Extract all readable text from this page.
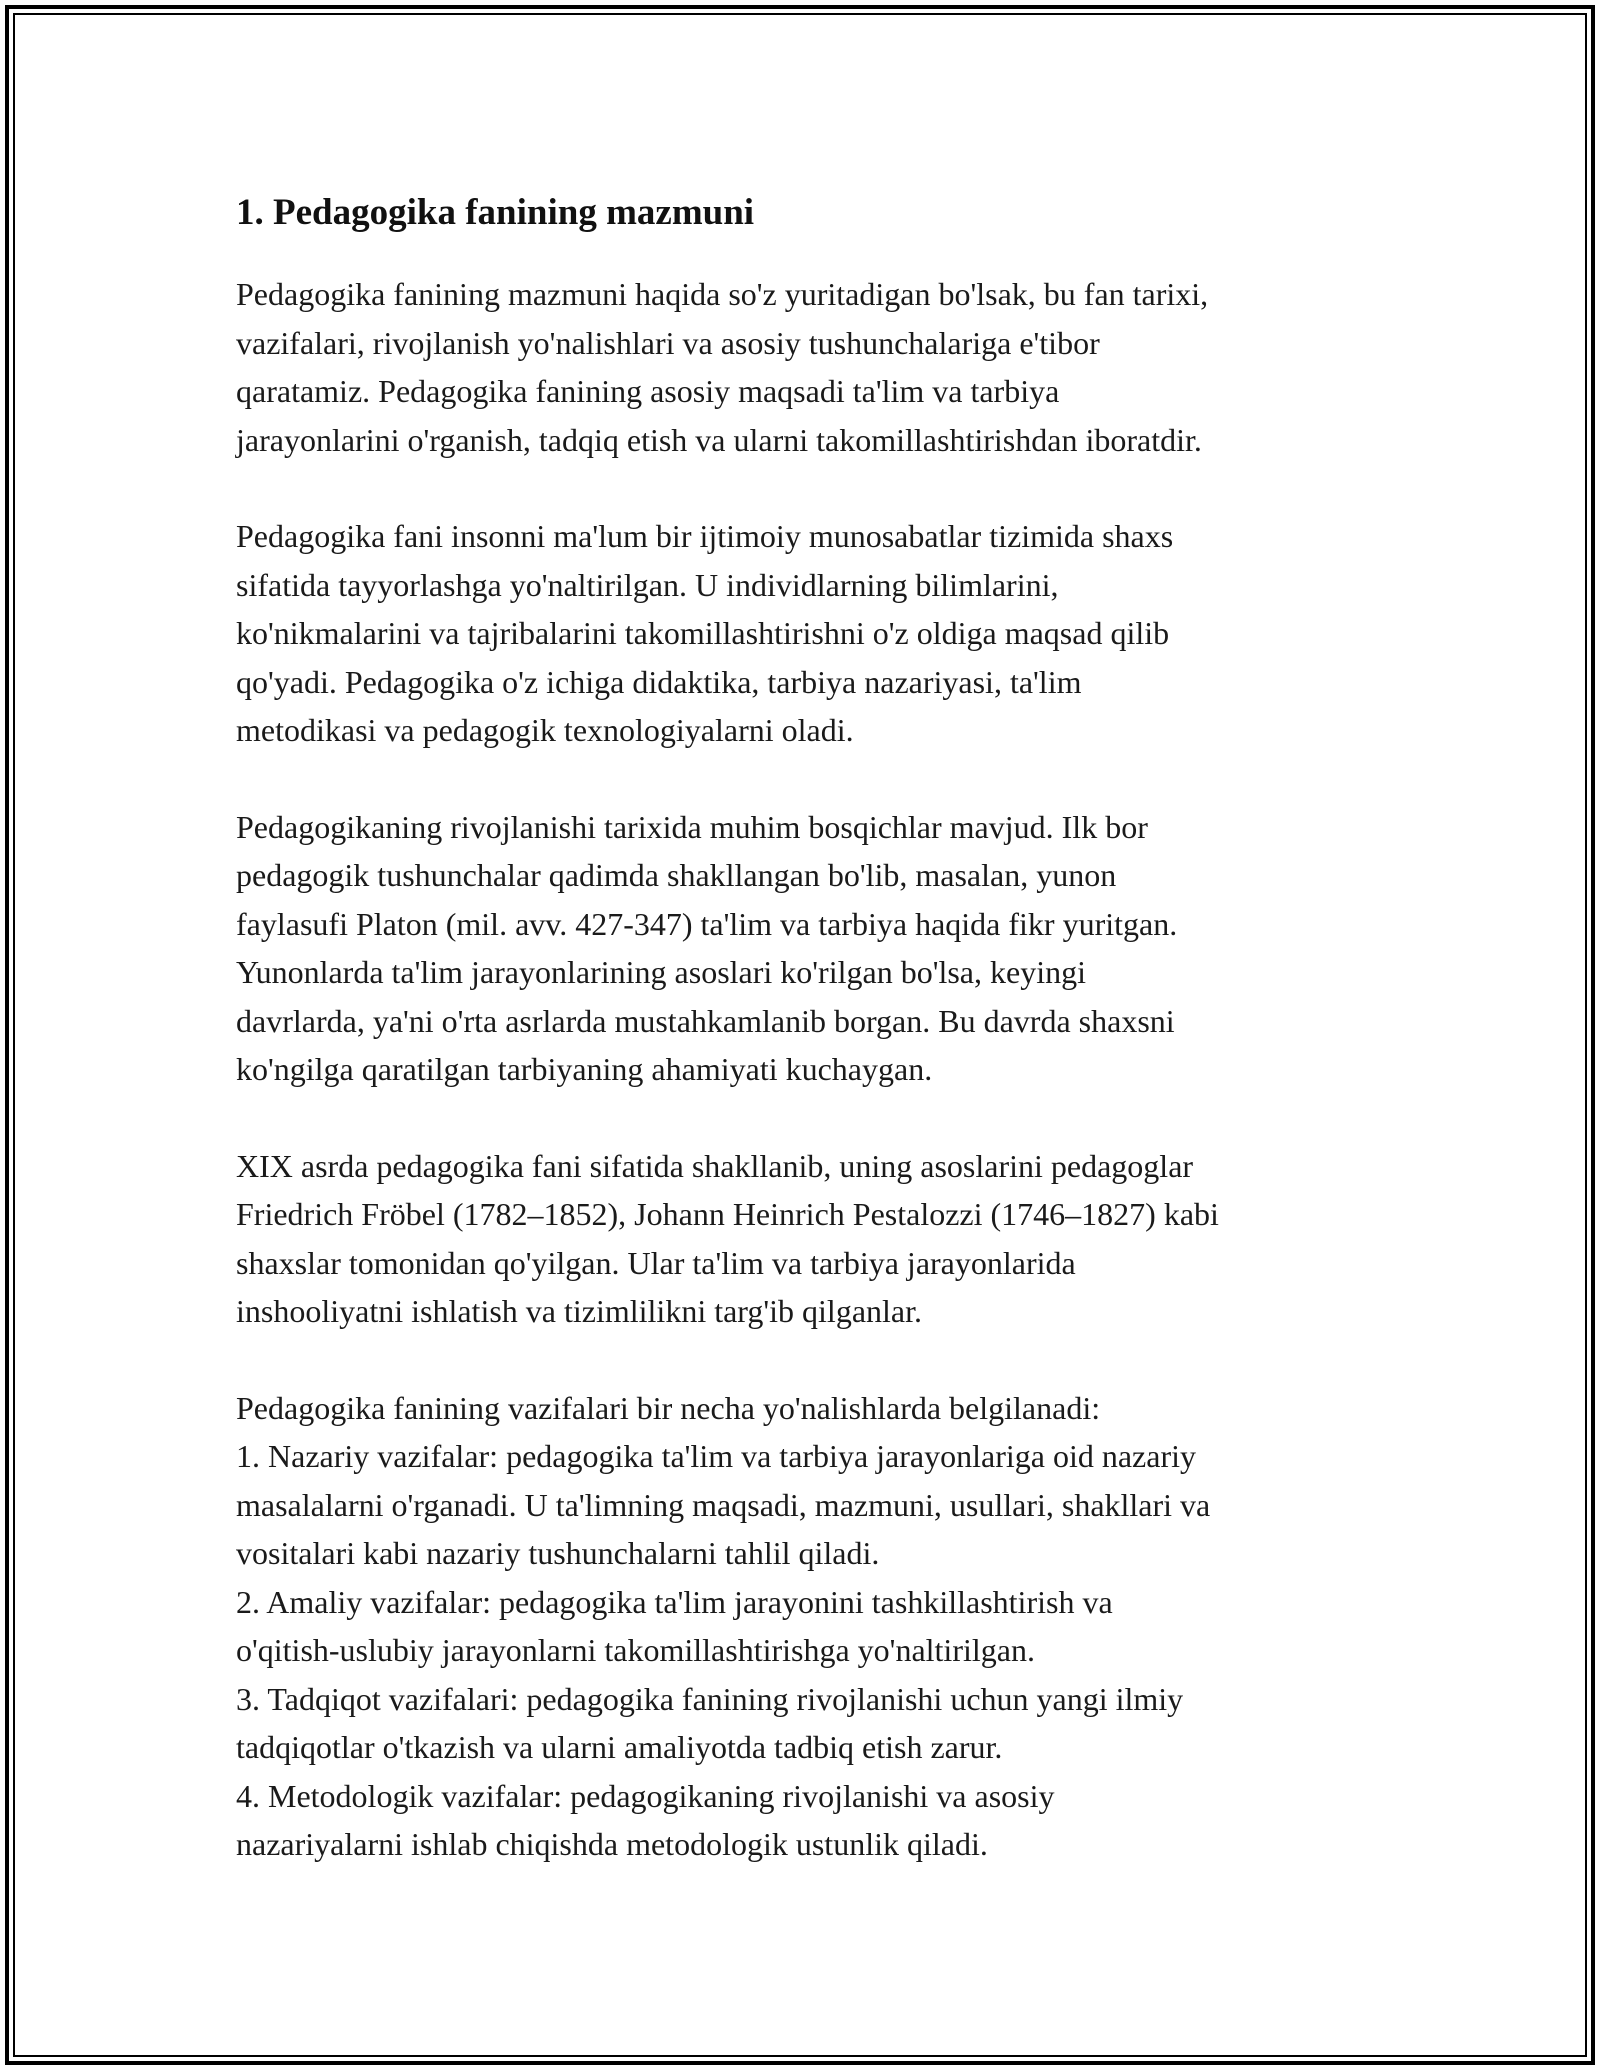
1. Pedagogika fanining mazmuni

Pedagogika fanining mazmuni haqida so'z yuritadigan bo'lsak, bu fan tarixi,
vazifalari, rivojlanish yo'nalishlari va asosiy tushunchalariga e'tibor
qaratamiz. Pedagogika fanining asosiy maqsadi ta'lim va tarbiya
jarayonlarini o'rganish, tadqiq etish va ularni takomillashtirishdan iboratdir.

Pedagogika fani insonni ma'lum bir ijtimoiy munosabatlar tizimida shaxs
sifatida tayyorlashga yo'naltirilgan. U individlarning bilimlarini,
ko'nikmalarini va tajribalarini takomillashtirishni o'z oldiga maqsad qilib
qo'yadi. Pedagogika o'z ichiga didaktika, tarbiya nazariyasi, ta'lim
metodikasi va pedagogik texnologiyalarni oladi.

Pedagogikaning rivojlanishi tarixida muhim bosqichlar mavjud. Ilk bor
pedagogik tushunchalar qadimda shakllangan bo'lib, masalan, yunon
faylasufi Platon (mil. avv. 427-347) ta'lim va tarbiya haqida fikr yuritgan.
Yunonlarda ta'lim jarayonlarining asoslari ko'rilgan bo'lsa, keyingi
davrlarda, ya'ni o'rta asrlarda mustahkamlanib borgan. Bu davrda shaxsni
ko'ngilga qaratilgan tarbiyaning ahamiyati kuchaygan.

XIX asrda pedagogika fani sifatida shakllanib, uning asoslarini pedagoglar
Friedrich Fröbel (1782–1852), Johann Heinrich Pestalozzi (1746–1827) kabi
shaxslar tomonidan qo'yilgan. Ular ta'lim va tarbiya jarayonlarida
inshooliyatni ishlatish va tizimlilikni targ'ib qilganlar.

Pedagogika fanining vazifalari bir necha yo'nalishlarda belgilanadi:
1. Nazariy vazifalar: pedagogika ta'lim va tarbiya jarayonlariga oid nazariy
masalalarni o'rganadi. U ta'limning maqsadi, mazmuni, usullari, shakllari va
vositalari kabi nazariy tushunchalarni tahlil qiladi.
2. Amaliy vazifalar: pedagogika ta'lim jarayonini tashkillashtirish va
o'qitish-uslubiy jarayonlarni takomillashtirishga yo'naltirilgan.
3. Tadqiqot vazifalari: pedagogika fanining rivojlanishi uchun yangi ilmiy
tadqiqotlar o'tkazish va ularni amaliyotda tadbiq etish zarur.
4. Metodologik vazifalar: pedagogikaning rivojlanishi va asosiy
nazariyalarni ishlab chiqishda metodologik ustunlik qiladi.
